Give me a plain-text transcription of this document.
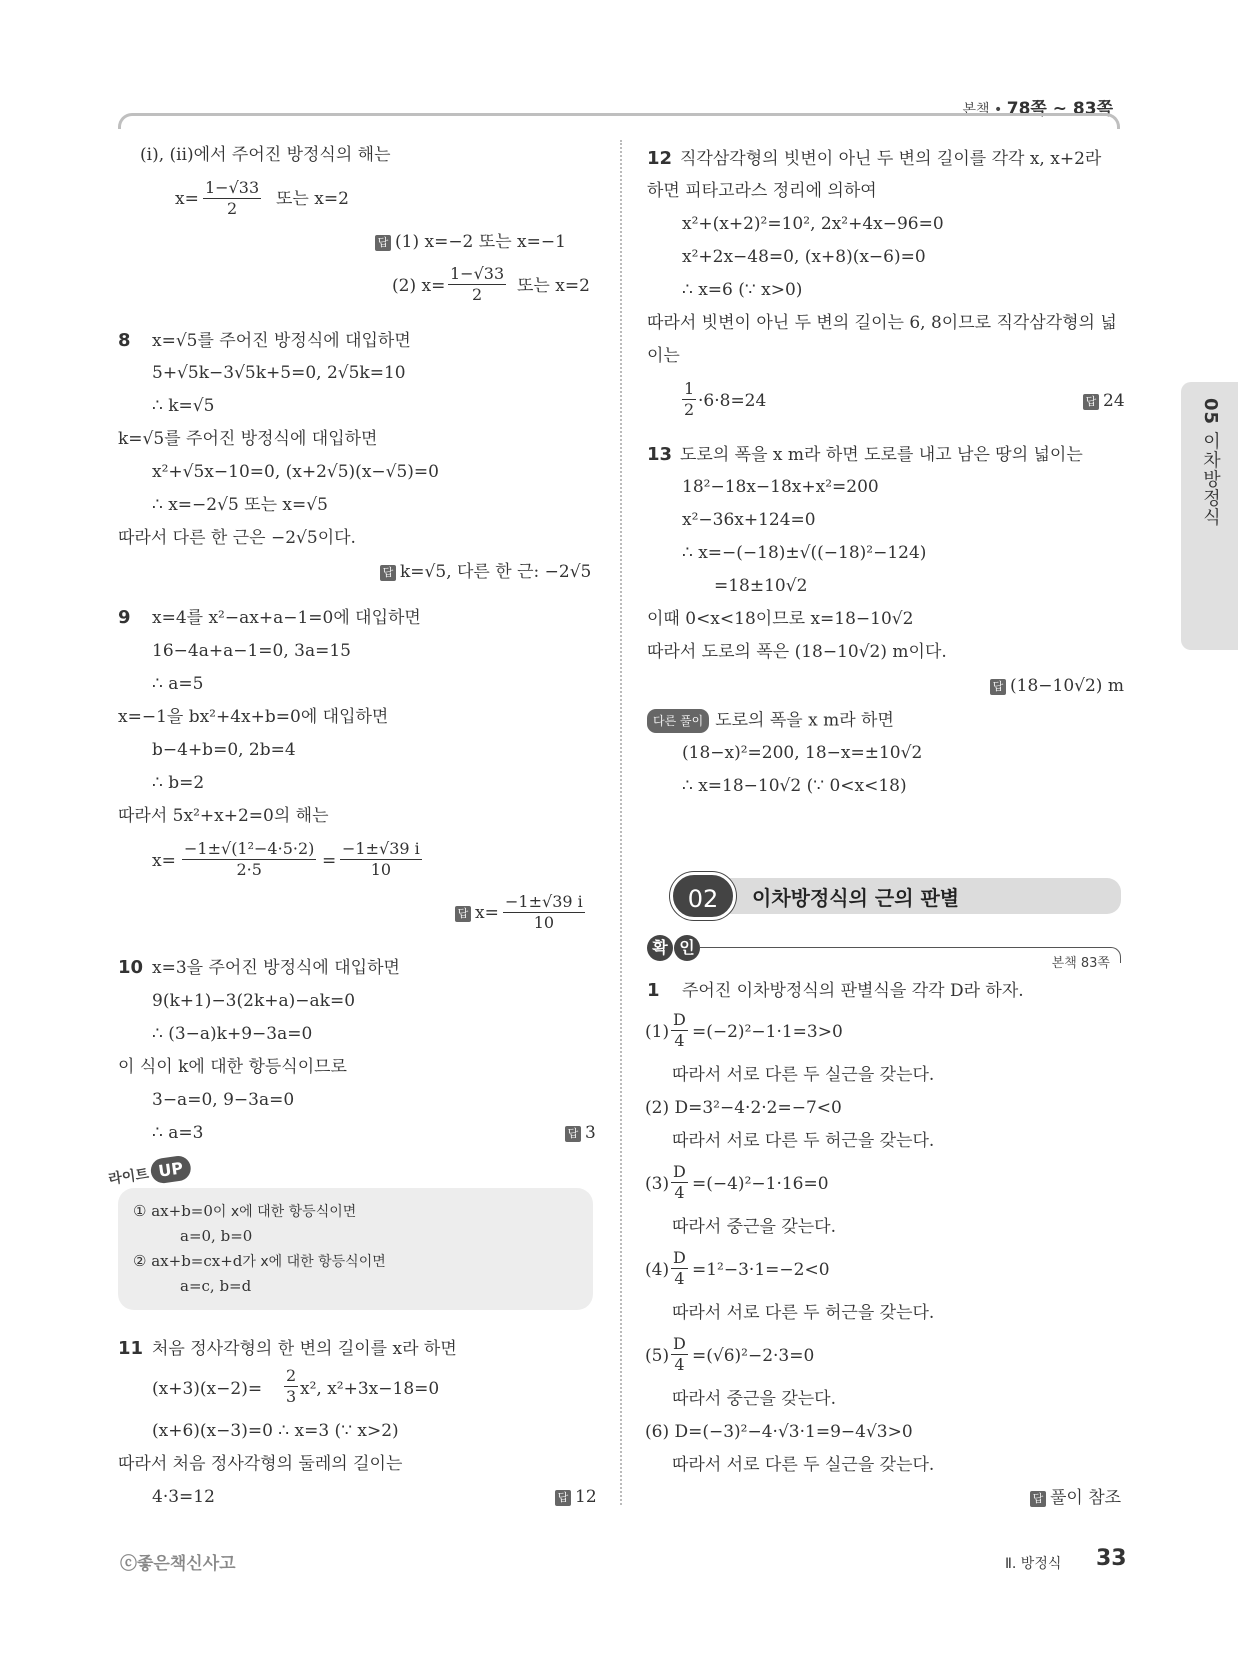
본책 • 78쪽 ~ 83쪽
05 이차방정식
(ⅰ), (ⅱ)에서 주어진 방정식의 해는
$x= \frac{1-√33}{2}$ 또는 x=2
답 (1) x=−2 또는 x=−1
(2) $x= \frac{1-√33}{2}$ 또는 x=2
8 x=√5를 주어진 방정식에 대입하면
5+√5k−3√5k+5=0, 2√5k=10
∴ k=√5
k=√5를 주어진 방정식에 대입하면
x²+√5x−10=0, (x+2√5)(x−√5)=0
∴ x=−2√5 또는 x=√5
따라서 다른 한 근은 −2√5이다.
답 k=√5, 다른 한 근: −2√5
9 x=4를 x²−ax+a−1=0에 대입하면
16−4a+a−1=0, 3a=15
∴ a=5
x=−1을 bx²+4x+b=0에 대입하면
b−4+b=0, 2b=4
∴ b=2
따라서 5x²+x+2=0의 해는
$x= \frac{\text{−1±√(1²−4·5·2)}}{2\cdot 5} = \frac{-1\pm√39 i}{10}$
답 $x= \frac{-1\pm√39 i}{10}$
10 x=3을 주어진 방정식에 대입하면
9(k+1)−3(2k+a)−ak=0
∴ (3−a)k+9−3a=0
이 식이 k에 대한 항등식이므로
3−a=0, 9−3a=0
∴ a=3	답 3
라이트 UP
① ax+b=0이 x에 대한 항등식이면
a=0, b=0
② ax+b=cx+d가 x에 대한 항등식이면
a=c, b=d
11 처음 정사각형의 한 변의 길이를 x라 하면
$(x+3)(x-2)= \frac{2}{3} x^2$, x²+3x−18=0
(x+6)(x−3)=0 ∴ x=3 (∵ x>2)
따라서 처음 정사각형의 둘레의 길이는
4·3=12	답 12
12 직각삼각형의 빗변이 아닌 두 변의 길이를 각각 x, x+2라
하면 피타고라스 정리에 의하여
x²+(x+2)²=10², 2x²+4x−96=0
x²+2x−48=0, (x+8)(x−6)=0
∴ x=6 (∵ x>0)
따라서 빗변이 아닌 두 변의 길이는 6, 8이므로 직각삼각형의 넓
이는
$\frac{1}{2} \cdot 6\cdot 8=24$	답 24
13 도로의 폭을 x m라 하면 도로를 내고 남은 땅의 넓이는
18²−18x−18x+x²=200
x²−36x+124=0
∴ x=−(−18)±√((−18)²−124)
=18±10√2
이때 0<x<18이므로 x=18−10√2
따라서 도로의 폭은 (18−10√2) m이다.
답 (18−10√2) m
다른 풀이 도로의 폭을 x m라 하면
(18−x)²=200, 18−x=±10√2
∴ x=18−10√2 (∵ 0<x<18)
02	이차방정식의 근의 판별
확 인
본책 83쪽
1 주어진 이차방정식의 판별식을 각각 D라 하자.
$(1) \frac{D}{4} =(-2)^2-1\cdot 1=3>0$
따라서 서로 다른 두 실근을 갖는다.
(2) D=3²−4·2·2=−7<0
따라서 서로 다른 두 허근을 갖는다.
$(3) \frac{D}{4} =(-4)^2-1\cdot 16=0$
따라서 중근을 갖는다.
$(4) \frac{D}{4} =1^2-3\cdot 1=-2<0$
따라서 서로 다른 두 허근을 갖는다.
$(5) \frac{D}{4} =(√6)^2-2\cdot 3=0$
따라서 중근을 갖는다.
(6) D=(−3)²−4·√3·1=9−4√3>0
따라서 서로 다른 두 실근을 갖는다.
답 풀이 참조
ⓒ좋은책신사고	Ⅱ. 방정식 33
